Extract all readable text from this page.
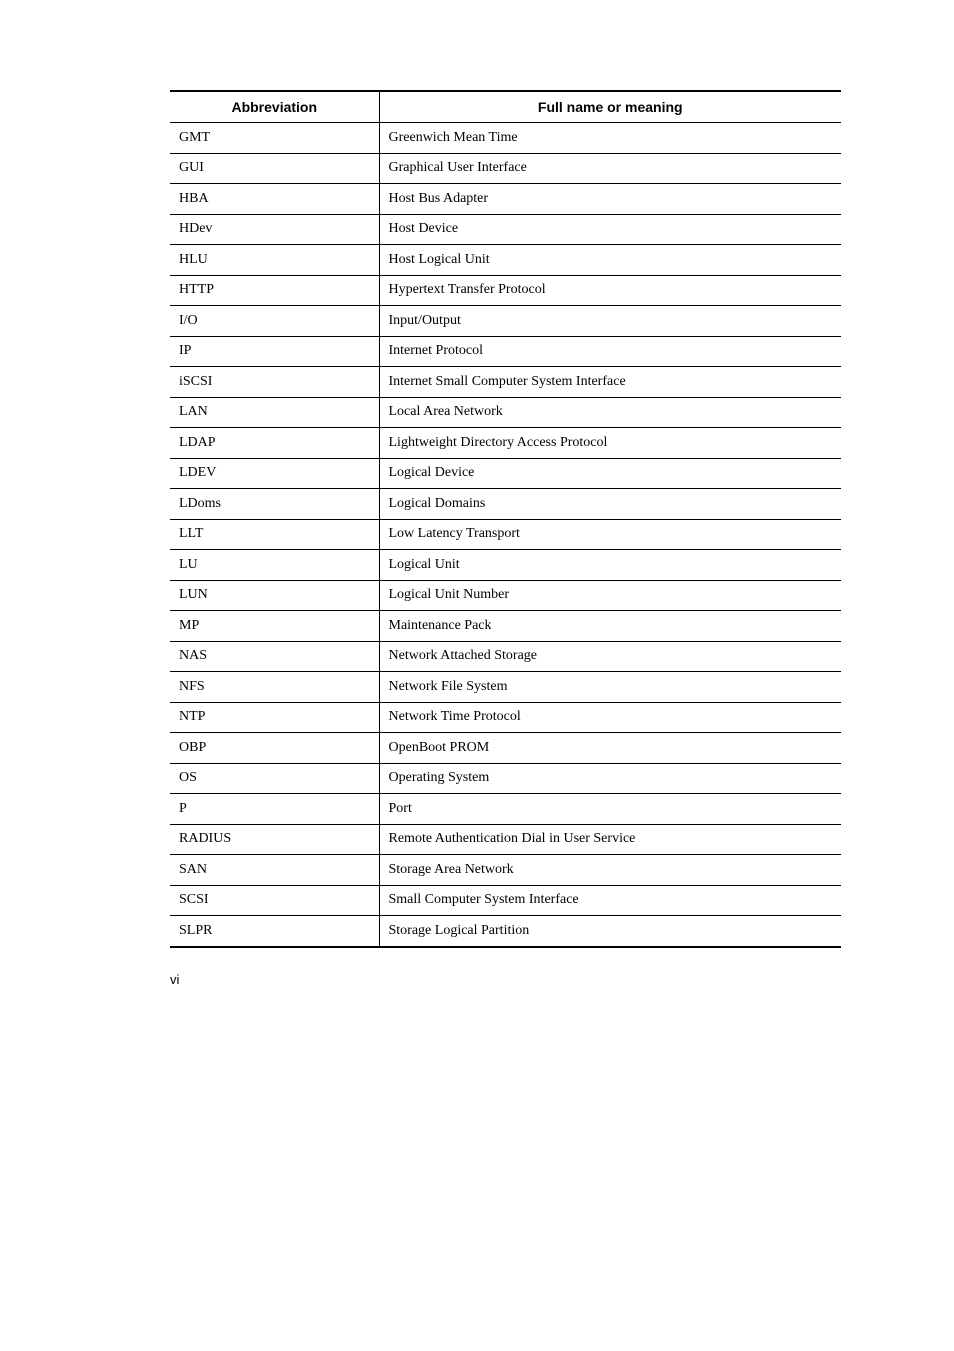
Abbreviation	Full name or meaning
GMT	Greenwich Mean Time
GUI	Graphical User Interface
HBA	Host Bus Adapter
HDev	Host Device
HLU	Host Logical Unit
HTTP	Hypertext Transfer Protocol
I/O	Input/Output
IP	Internet Protocol
iSCSI	Internet Small Computer System Interface
LAN	Local Area Network
LDAP	Lightweight Directory Access Protocol
LDEV	Logical Device
LDoms	Logical Domains
LLT	Low Latency Transport
LU	Logical Unit
LUN	Logical Unit Number
MP	Maintenance Pack
NAS	Network Attached Storage
NFS	Network File System
NTP	Network Time Protocol
OBP	OpenBoot PROM
OS	Operating System
P	Port
RADIUS	Remote Authentication Dial in User Service
SAN	Storage Area Network
SCSI	Small Computer System Interface
SLPR	Storage Logical Partition
vi
